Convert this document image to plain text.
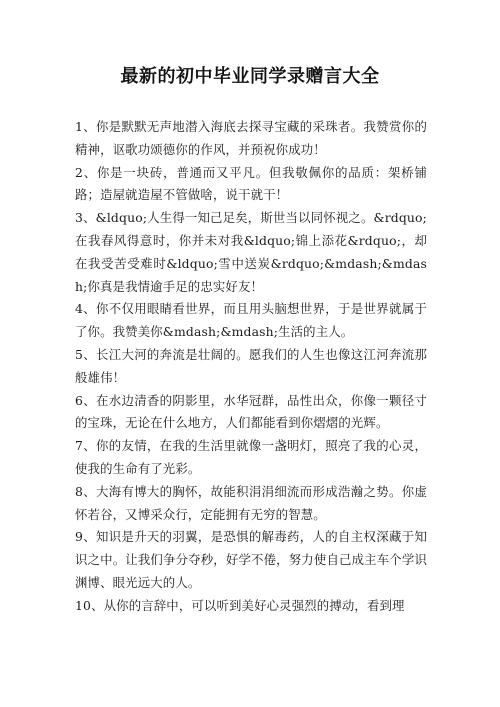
最新的初中毕业同学录赠言大全

1、你是默默无声地潜入海底去探寻宝藏的采珠者。我赞赏你的精神，讴歌功颂德你的作风，并预祝你成功！

2、你是一块砖，普通而又平凡。但我敬佩你的品质：架桥铺路；造屋就造屋不管做啥，说干就干！

3、&ldquo;人生得一知己足矣，斯世当以同怀视之。&rdquo;在我春风得意时，你并未对我&ldquo;锦上添花&rdquo;，却在我受苦受难时&ldquo;雪中送炭&rdquo;&mdash;&mdash;你真是我情逾手足的忠实好友！

4、你不仅用眼睛看世界，而且用头脑想世界，于是世界就属于了你。我赞美你&mdash;&mdash;生活的主人。

5、长江大河的奔流是壮阔的。愿我们的人生也像这江河奔流那般雄伟！

6、在水边清香的阴影里，水华冠群，品性出众，你像一颗径寸的宝珠，无论在什么地方，人们都能看到你熠熠的光辉。

7、你的友情，在我的生活里就像一盏明灯，照亮了我的心灵，使我的生命有了光彩。

8、大海有博大的胸怀，故能积涓涓细流而形成浩瀚之势。你虚怀若谷，又博采众行，定能拥有无穷的智慧。

9、知识是升天的羽翼，是恐惧的解毒药，人的自主权深藏于知识之中。让我们争分夺秒，好学不倦，努力使自己成主车个学识渊博、眼光远大的人。

10、从你的言辞中，可以听到美好心灵强烈的搏动，看到理
